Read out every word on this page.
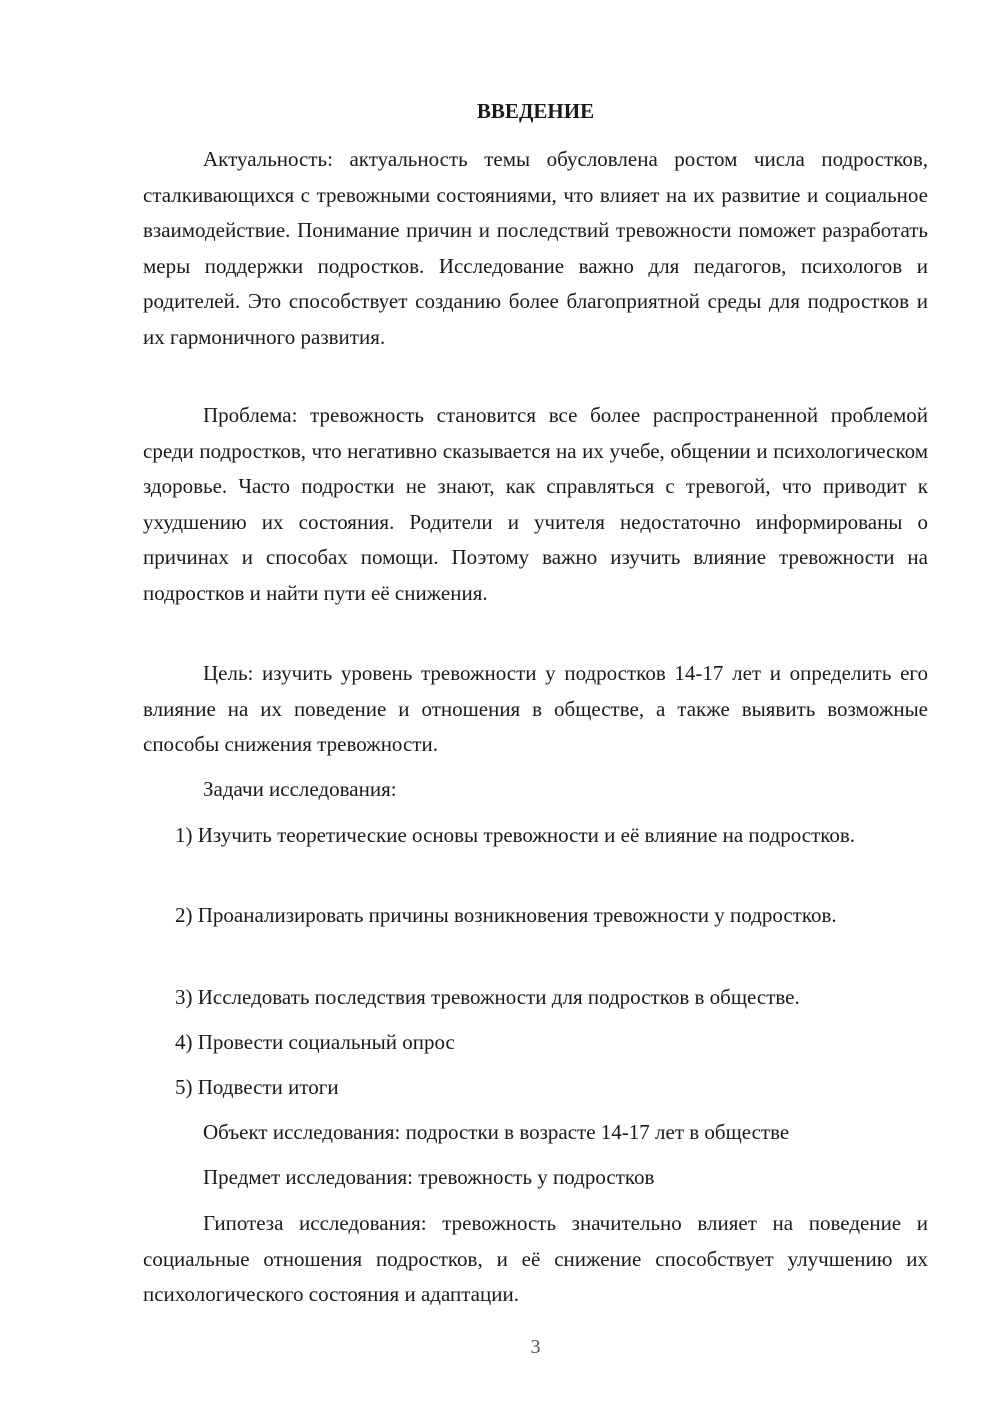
ВВЕДЕНИЕ

Актуальность: актуальность темы обусловлена ростом числа подростков, сталкивающихся с тревожными состояниями, что влияет на их развитие и социальное взаимодействие. Понимание причин и последствий тревожности поможет разработать меры поддержки подростков. Исследование важно для педагогов, психологов и родителей. Это способствует созданию более благоприятной среды для подростков и их гармоничного развития.

Проблема: тревожность становится все более распространенной проблемой среди подростков, что негативно сказывается на их учебе, общении и психологическом здоровье. Часто подростки не знают, как справляться с тревогой, что приводит к ухудшению их состояния. Родители и учителя недостаточно информированы о причинах и способах помощи. Поэтому важно изучить влияние тревожности на подростков и найти пути её снижения.

Цель: изучить уровень тревожности у подростков 14-17 лет и определить его влияние на их поведение и отношения в обществе, а также выявить возможные способы снижения тревожности.

Задачи исследования:

1) Изучить теоретические основы тревожности и её влияние на подростков.

2) Проанализировать причины возникновения тревожности у подростков.

3) Исследовать последствия тревожности для подростков в обществе.

4) Провести социальный опрос

5) Подвести итоги

Объект исследования: подростки в возрасте 14-17 лет в обществе

Предмет исследования: тревожность у подростков

Гипотеза исследования: тревожность значительно влияет на поведение и социальные отношения подростков, и её снижение способствует улучшению их психологического состояния и адаптации.

3
